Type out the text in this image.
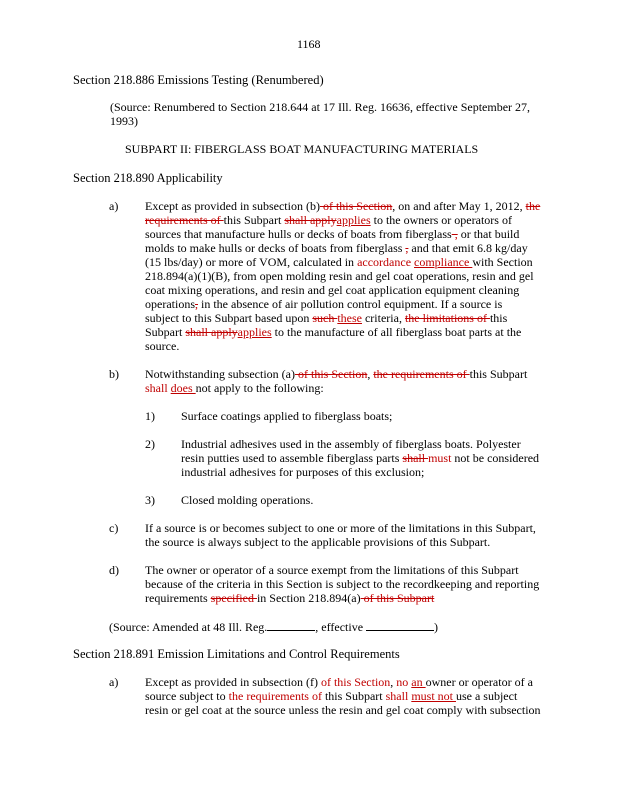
1168
Section 218.886 Emissions Testing (Renumbered)
(Source: Renumbered to Section 218.644 at 17 Ill. Reg. 16636, effective September 27,
1993)
SUBPART II: FIBERGLASS BOAT MANUFACTURING MATERIALS
Section 218.890 Applicability
a) Except as provided in subsection (b) of this Section, on and after May 1, 2012, the
requirements of this Subpart shall applyapplies to the owners or operators of
sources that manufacture hulls or decks of boats from fiberglass , or that build
molds to make hulls or decks of boats from fiberglass , and that emit 6.8 kg/day
(15 lbs/day) or more of VOM, calculated in accordance compliance with Section
218.894(a)(1)(B), from open molding resin and gel coat operations, resin and gel
coat mixing operations, and resin and gel coat application equipment cleaning
operations, in the absence of air pollution control equipment. If a source is
subject to this Subpart based upon such these criteria, the limitations of this
Subpart shall applyapplies to the manufacture of all fiberglass boat parts at the
source.
b) Notwithstanding subsection (a) of this Section, the requirements of this Subpart
shall does not apply to the following:
1) Surface coatings applied to fiberglass boats;
2) Industrial adhesives used in the assembly of fiberglass boats. Polyester
resin putties used to assemble fiberglass parts shall must not be considered
industrial adhesives for purposes of this exclusion;
3) Closed molding operations.
c) If a source is or becomes subject to one or more of the limitations in this Subpart,
the source is always subject to the applicable provisions of this Subpart.
d) The owner or operator of a source exempt from the limitations of this Subpart
because of the criteria in this Section is subject to the recordkeeping and reporting
requirements specified in Section 218.894(a) of this Subpart
(Source: Amended at 48 Ill. Reg.	, effective	)
Section 218.891 Emission Limitations and Control Requirements
a) Except as provided in subsection (f) of this Section, no an owner or operator of a
source subject to the requirements of this Subpart shall must not use a subject
resin or gel coat at the source unless the resin and gel coat comply with subsection
